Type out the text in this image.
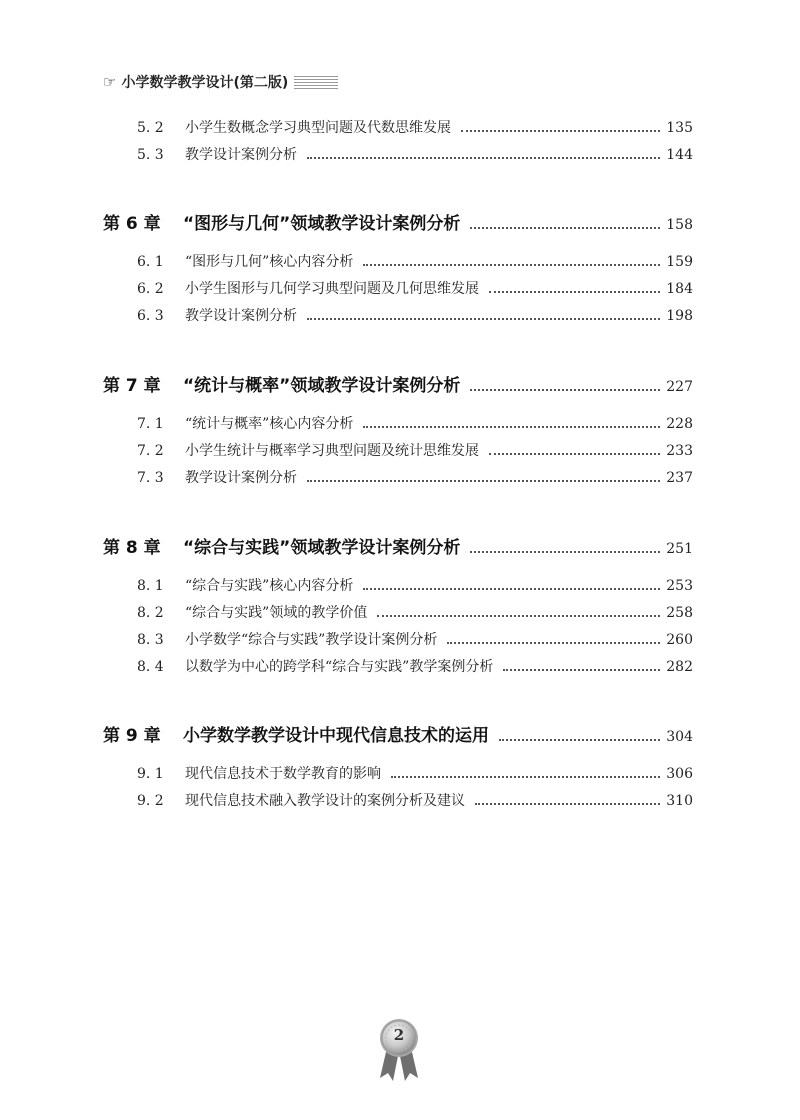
☞ 小学数学教学设计(第二版)
5. 2	小学生数概念学习典型问题及代数思维发展	135
5. 3	教学设计案例分析	144
第 6 章	“图形与几何”领域教学设计案例分析	158
6. 1	“图形与几何”核心内容分析	159
6. 2	小学生图形与几何学习典型问题及几何思维发展	184
6. 3	教学设计案例分析	198
第 7 章	“统计与概率”领域教学设计案例分析	227
7. 1	“统计与概率”核心内容分析	228
7. 2	小学生统计与概率学习典型问题及统计思维发展	233
7. 3	教学设计案例分析	237
第 8 章	“综合与实践”领域教学设计案例分析	251
8. 1	“综合与实践”核心内容分析	253
8. 2	“综合与实践”领域的教学价值	258
8. 3	小学数学“综合与实践”教学设计案例分析	260
8. 4	以数学为中心的跨学科“综合与实践”教学案例分析	282
第 9 章	小学数学教学设计中现代信息技术的运用	304
9. 1	现代信息技术于数学教育的影响	306
9. 2	现代信息技术融入教学设计的案例分析及建议	310
2
